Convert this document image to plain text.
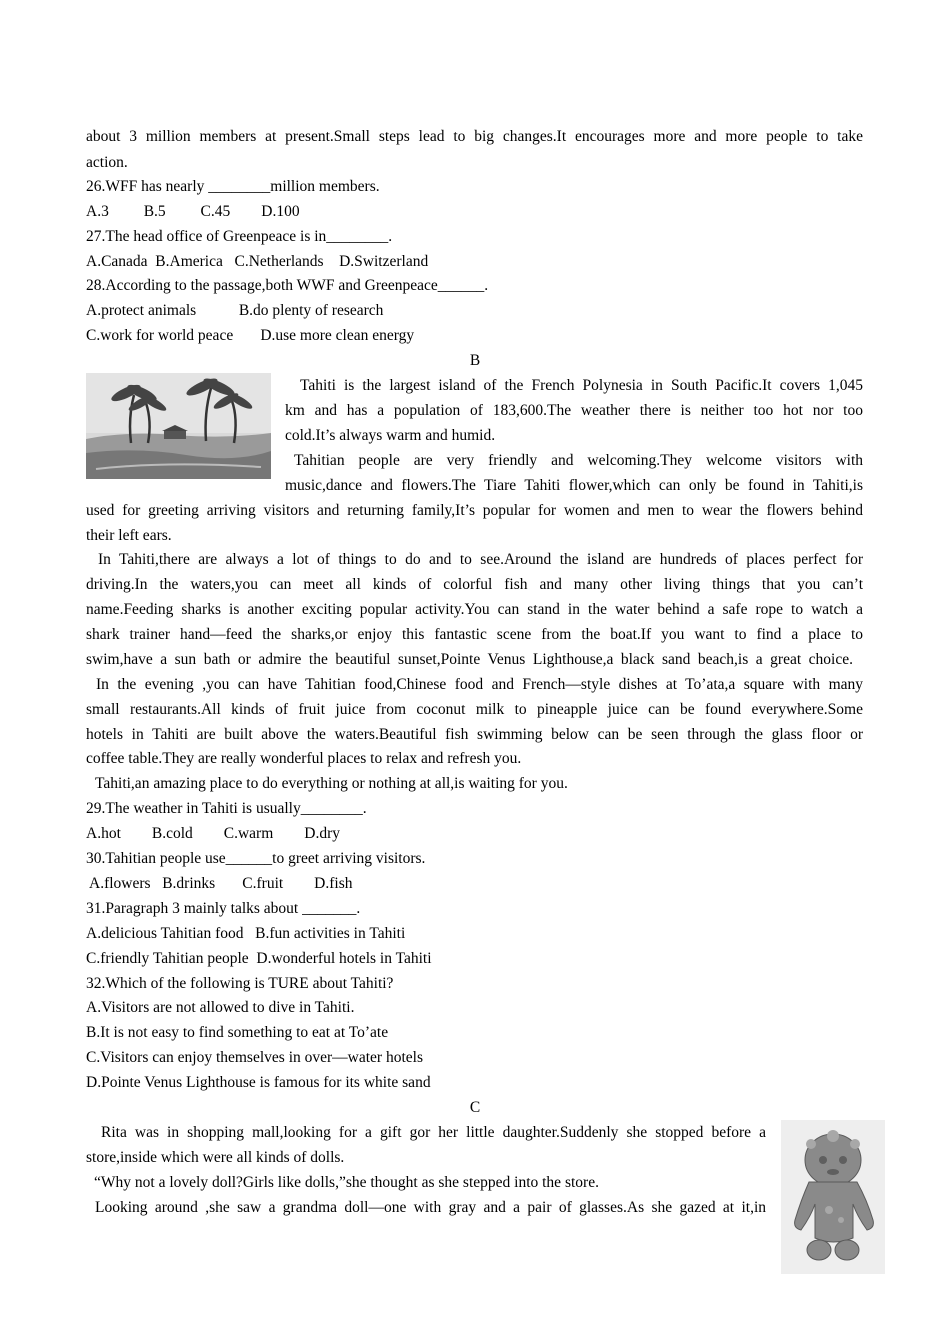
about 3 million members at present.Small steps lead to big changes.It encourages more and more people to take
action.
26.WFF has nearly ________million members.
A.3         B.5         C.45        D.100
27.The head office of Greenpeace is in________.
A.Canada  B.America   C.Netherlands    D.Switzerland
28.According to the passage,both WWF and Greenpeace______.
A.protect animals           B.do plenty of research
C.work for world peace       D.use more clean energy
B
Tahiti is the largest island of the French Polynesia in South Pacific.It covers 1,045
km and has a population of 183,600.The weather there is neither too hot nor too
cold.It’s always warm and humid.
Tahitian people are very friendly and welcoming.They welcome visitors with
music,dance and flowers.The Tiare Tahiti flower,which can only be found in Tahiti,is
used for greeting arriving visitors and returning family,It’s popular for women and men to wear the flowers behind
their left ears.
In Tahiti,there are always a lot of things to do and to see.Around the island are hundreds of places perfect for
driving.In the waters,you can meet all kinds of colorful fish and many other living things that you can’t
name.Feeding sharks is another exciting popular activity.You can stand in the water behind a safe rope to watch a
shark trainer hand—feed the sharks,or enjoy this fantastic scene from the boat.If you want to find a place to
swim,have a sun bath or admire the beautiful sunset,Pointe Venus Lighthouse,a black sand beach,is a great choice.
In the evening ,you can have Tahitian food,Chinese food and French—style dishes at To’ata,a square with many
small restaurants.All kinds of fruit juice from coconut milk to pineapple juice can be found everywhere.Some
hotels in Tahiti are built above the waters.Beautiful fish swimming below can be seen through the glass floor or
coffee table.They are really wonderful places to relax and refresh you.
Tahiti,an amazing place to do everything or nothing at all,is waiting for you.
29.The weather in Tahiti is usually________.
A.hot        B.cold        C.warm        D.dry
30.Tahitian people use______to greet arriving visitors.
A.flowers   B.drinks       C.fruit        D.fish
31.Paragraph 3 mainly talks about _______.
A.delicious Tahitian food   B.fun activities in Tahiti
C.friendly Tahitian people  D.wonderful hotels in Tahiti
32.Which of the following is TURE about Tahiti?
A.Visitors are not allowed to dive in Tahiti.
B.It is not easy to find something to eat at To’ate
C.Visitors can enjoy themselves in over—water hotels
D.Pointe Venus Lighthouse is famous for its white sand
C
Rita was in shopping mall,looking for a gift gor her little daughter.Suddenly she stopped before a
store,inside which were all kinds of dolls.
“Why not a lovely doll?Girls like dolls,”she thought as she stepped into the store.
Looking around ,she saw a grandma doll—one with gray and a pair of glasses.As she gazed at it,in
